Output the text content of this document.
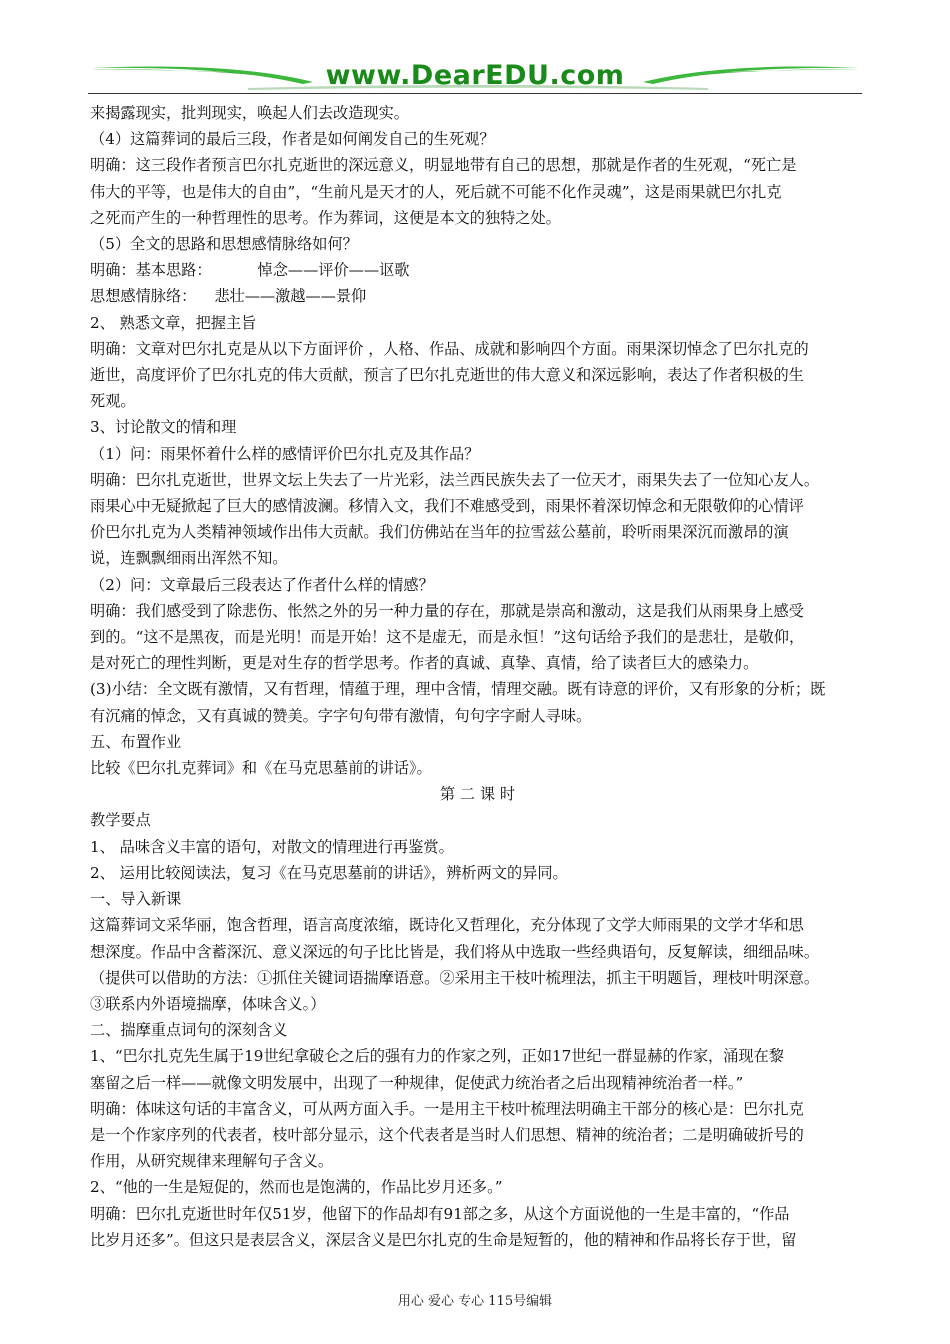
www.DearEDU.com

来揭露现实，批判现实，唤起人们去改造现实。

（4）这篇葬词的最后三段，作者是如何阐发自己的生死观？

明确：这三段作者预言巴尔扎克逝世的深远意义，明显地带有自己的思想，那就是作者的生死观，“死亡是

伟大的平等，也是伟大的自由”，“生前凡是天才的人，死后就不可能不化作灵魂”，这是雨果就巴尔扎克

之死而产生的一种哲理性的思考。作为葬词，这便是本文的独特之处。

（5）全文的思路和思想感情脉络如何？

明确：基本思路：	悼念——评价——讴歌

思想感情脉络： 悲壮——激越——景仰

2、 熟悉文章，把握主旨

明确：文章对巴尔扎克是从以下方面评价 ，人格、作品、成就和影响四个方面。雨果深切悼念了巴尔扎克的

逝世，高度评价了巴尔扎克的伟大贡献，预言了巴尔扎克逝世的伟大意义和深远影响，表达了作者积极的生

死观。

3、讨论散文的情和理

（1）问：雨果怀着什么样的感情评价巴尔扎克及其作品？

明确：巴尔扎克逝世，世界文坛上失去了一片光彩，法兰西民族失去了一位天才，雨果失去了一位知心友人。

雨果心中无疑掀起了巨大的感情波澜。移情入文，我们不难感受到，雨果怀着深切悼念和无限敬仰的心情评

价巴尔扎克为人类精神领域作出伟大贡献。我们仿佛站在当年的拉雪兹公墓前，聆听雨果深沉而激昂的演

说，连飘飘细雨出浑然不知。

（2）问：文章最后三段表达了作者什么样的情感？

明确：我们感受到了除悲伤、怅然之外的另一种力量的存在，那就是崇高和激动，这是我们从雨果身上感受

到的。“这不是黑夜，而是光明！而是开始！这不是虚无，而是永恒！”这句话给予我们的是悲壮，是敬仰，

是对死亡的理性判断，更是对生存的哲学思考。作者的真诚、真挚、真情，给了读者巨大的感染力。

(3)小结：全文既有激情，又有哲理，情蕴于理，理中含情，情理交融。既有诗意的评价，又有形象的分析；既

有沉痛的悼念，又有真诚的赞美。字字句句带有激情，句句字字耐人寻味。

五、布置作业

比较《巴尔扎克葬词》和《在马克思墓前的讲话》。

第 二 课 时

教学要点

1、 品味含义丰富的语句，对散文的情理进行再鉴赏。

2、 运用比较阅读法，复习《在马克思墓前的讲话》，辨析两文的异同。

一、导入新课

这篇葬词文采华丽，饱含哲理，语言高度浓缩，既诗化又哲理化，充分体现了文学大师雨果的文学才华和思

想深度。作品中含蓄深沉、意义深远的句子比比皆是，我们将从中选取一些经典语句，反复解读，细细品味。

（提供可以借助的方法：①抓住关键词语揣摩语意。②采用主干枝叶梳理法，抓主干明题旨，理枝叶明深意。

③联系内外语境揣摩，体味含义。）

二、揣摩重点词句的深刻含义

1、“巴尔扎克先生属于19世纪拿破仑之后的强有力的作家之列，正如17世纪一群显赫的作家，涌现在黎

塞留之后一样——就像文明发展中，出现了一种规律，促使武力统治者之后出现精神统治者一样。”

明确：体味这句话的丰富含义，可从两方面入手。一是用主干枝叶梳理法明确主干部分的核心是：巴尔扎克

是一个作家序列的代表者，枝叶部分显示，这个代表者是当时人们思想、精神的统治者；二是明确破折号的

作用，从研究规律来理解句子含义。

2、“他的一生是短促的，然而也是饱满的，作品比岁月还多。”

明确：巴尔扎克逝世时年仅51岁，他留下的作品却有91部之多，从这个方面说他的一生是丰富的，“作品

比岁月还多”。但这只是表层含义，深层含义是巴尔扎克的生命是短暂的，他的精神和作品将长存于世，留

用心 爱心 专心 115号编辑
